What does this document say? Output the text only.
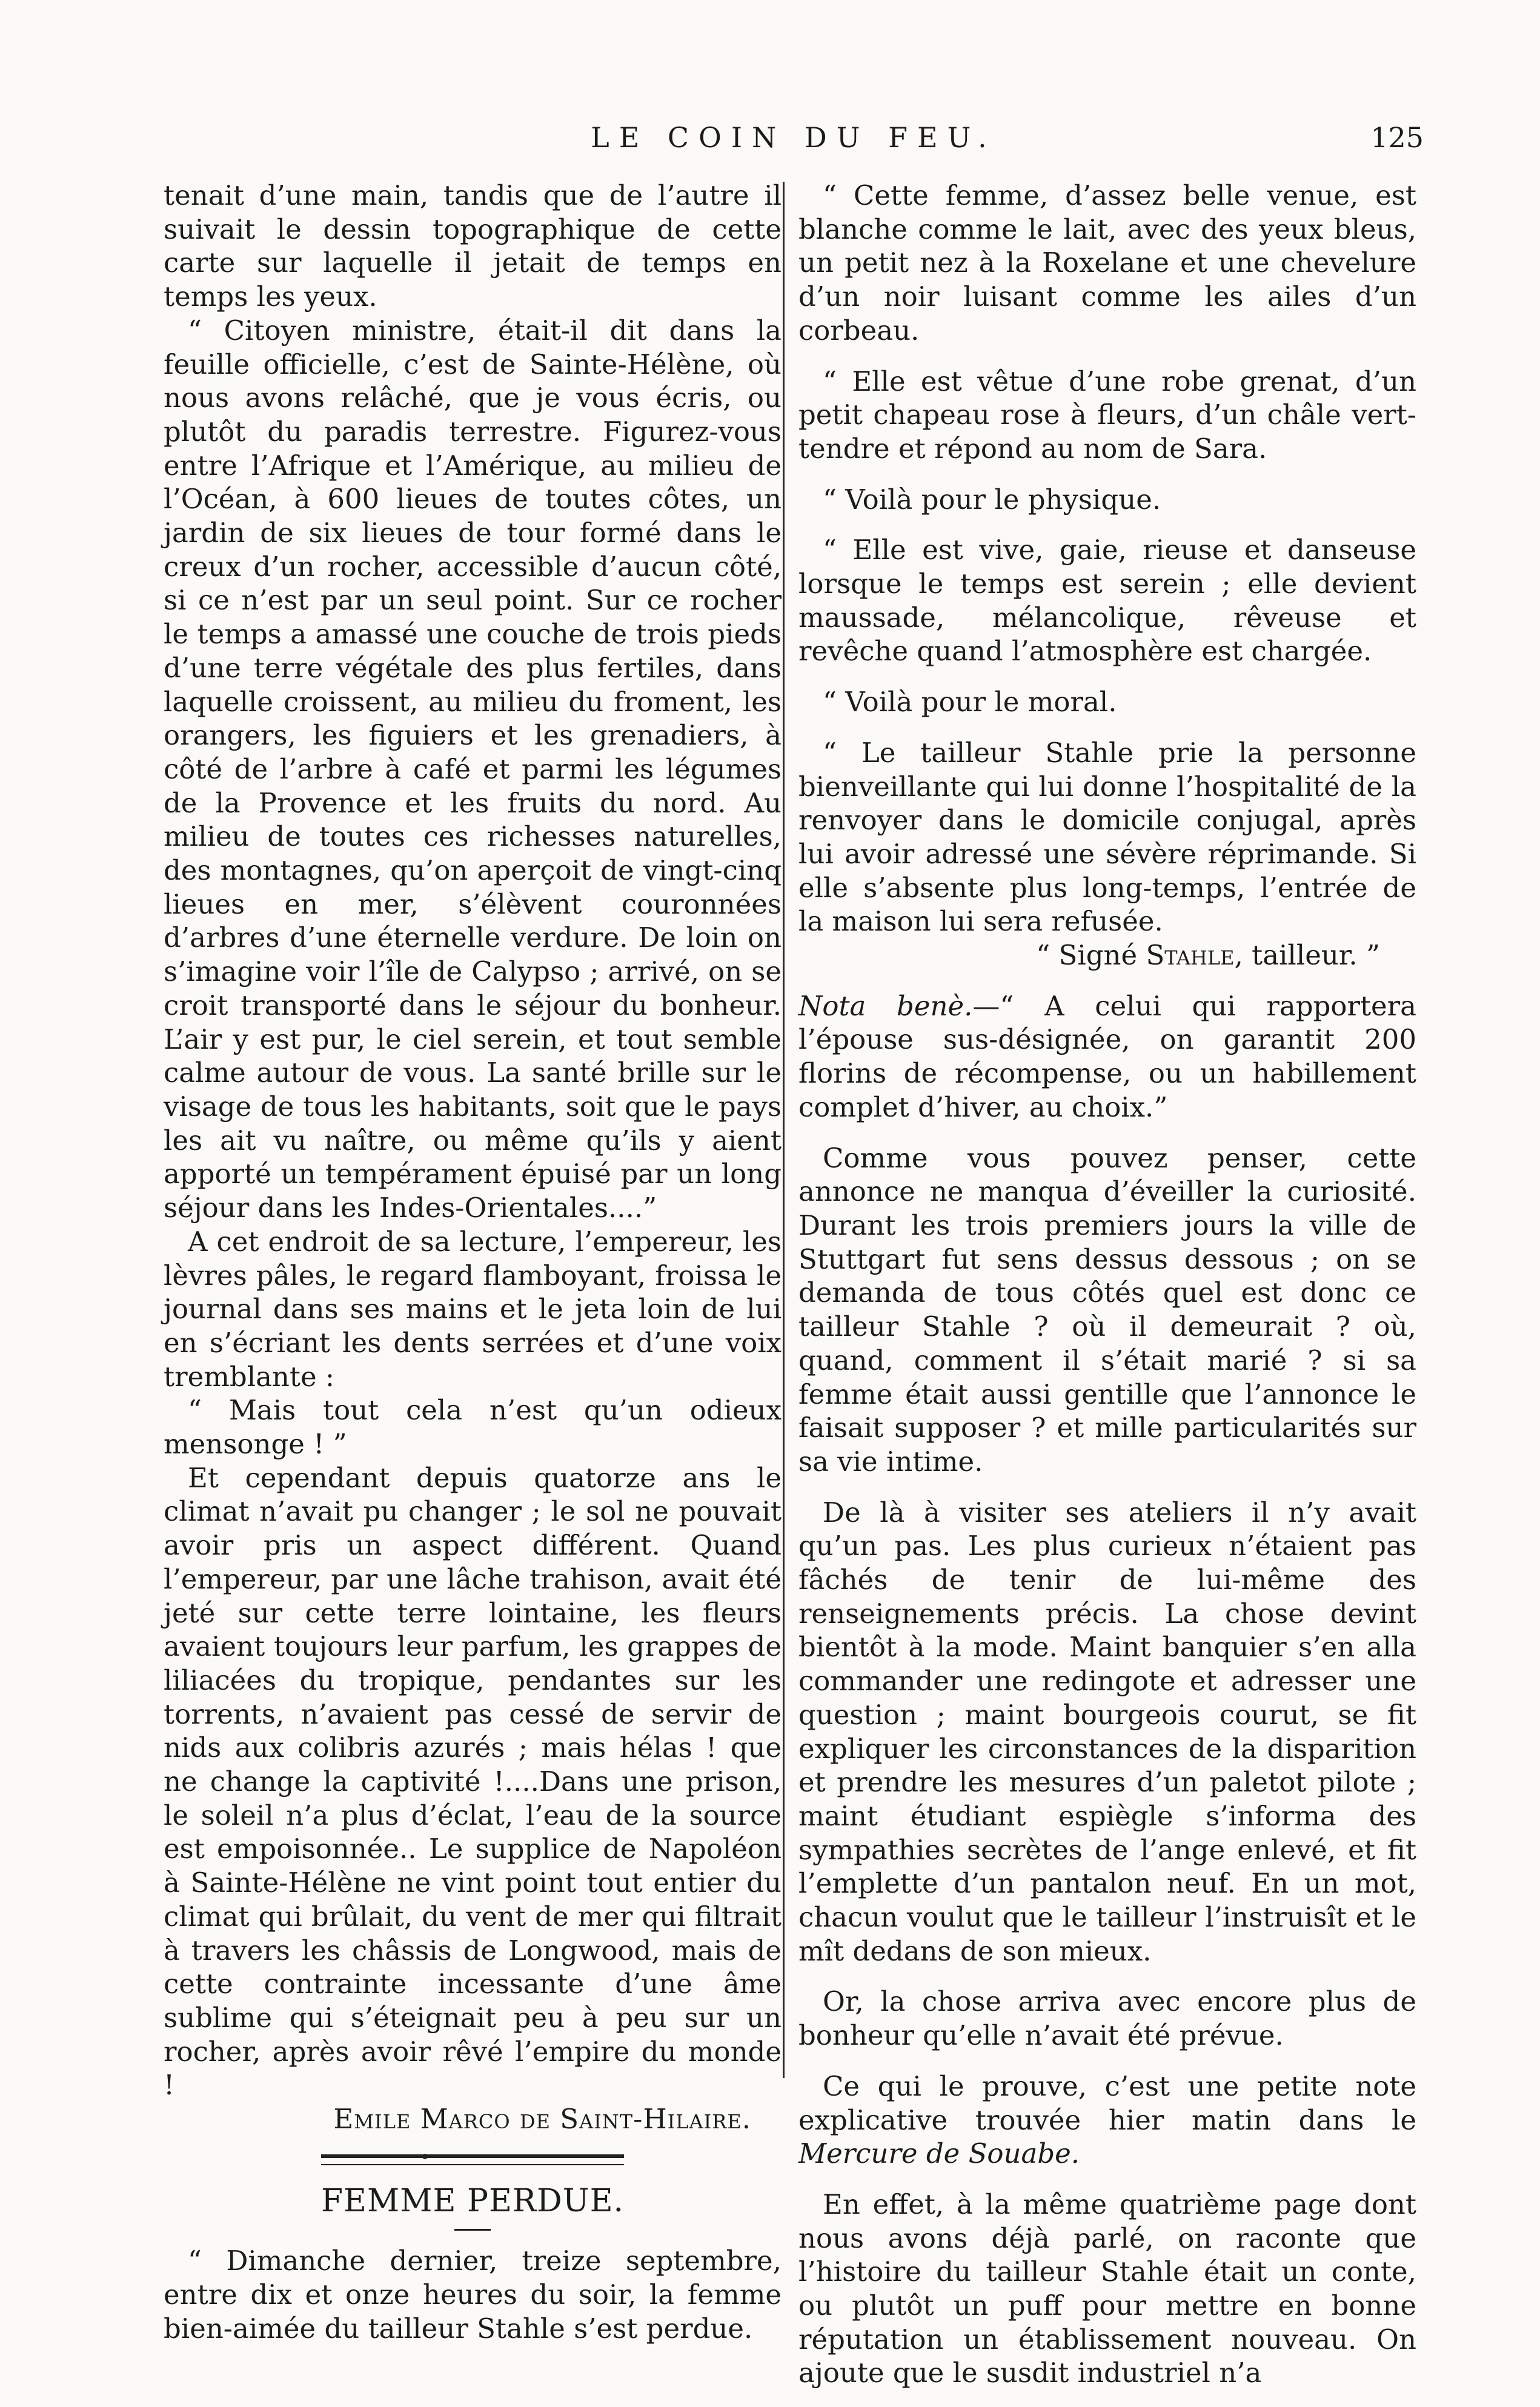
LE COIN DU FEU.	125

tenait d’une main, tandis que de l’autre il suivait le dessin topographique de cette carte sur laquelle il jetait de temps en temps les yeux.

“ Citoyen ministre, était-il dit dans la feuille officielle, c’est de Sainte-Hélène, où nous avons relâché, que je vous écris, ou plutôt du paradis terrestre. Figurez-vous entre l’Afrique et l’Amérique, au milieu de l’Océan, à 600 lieues de toutes côtes, un jardin de six lieues de tour formé dans le creux d’un rocher, accessible d’aucun côté, si ce n’est par un seul point. Sur ce rocher le temps a amassé une couche de trois pieds d’une terre végétale des plus fertiles, dans laquelle croissent, au milieu du froment, les orangers, les figuiers et les grenadiers, à côté de l’arbre à café et parmi les légumes de la Provence et les fruits du nord. Au milieu de toutes ces richesses naturelles, des montagnes, qu’on aperçoit de vingt-cinq lieues en mer, s’élèvent couronnées d’arbres d’une éternelle verdure. De loin on s’imagine voir l’île de Calypso ; arrivé, on se croit transporté dans le séjour du bonheur. L’air y est pur, le ciel serein, et tout semble calme autour de vous. La santé brille sur le visage de tous les habitants, soit que le pays les ait vu naître, ou même qu’ils y aient apporté un tempérament épuisé par un long séjour dans les Indes-Orientales....”

A cet endroit de sa lecture, l’empereur, les lèvres pâles, le regard flamboyant, froissa le journal dans ses mains et le jeta loin de lui en s’écriant les dents serrées et d’une voix tremblante :

“ Mais tout cela n’est qu’un odieux mensonge ! ”

Et cependant depuis quatorze ans le climat n’avait pu changer ; le sol ne pouvait avoir pris un aspect différent. Quand l’empereur, par une lâche trahison, avait été jeté sur cette terre lointaine, les fleurs avaient toujours leur parfum, les grappes de liliacées du tropique, pendantes sur les torrents, n’avaient pas cessé de servir de nids aux colibris azurés ; mais hélas ! que ne change la captivité !....Dans une prison, le soleil n’a plus d’éclat, l’eau de la source est empoisonnée.. Le supplice de Napoléon à Sainte-Hélène ne vint point tout entier du climat qui brûlait, du vent de mer qui filtrait à travers les châssis de Longwood, mais de cette contrainte incessante d’une âme sublime qui s’éteignait peu à peu sur un rocher, après avoir rêvé l’empire du monde !

Emile Marco de Saint-Hilaire.
FEMME PERDUE.

“ Dimanche dernier, treize septembre, entre dix et onze heures du soir, la femme bien-aimée du tailleur Stahle s’est perdue.

“ Cette femme, d’assez belle venue, est blanche comme le lait, avec des yeux bleus, un petit nez à la Roxelane et une chevelure d’un noir luisant comme les ailes d’un corbeau.

“ Elle est vêtue d’une robe grenat, d’un petit chapeau rose à fleurs, d’un châle vert-tendre et répond au nom de Sara.

“ Voilà pour le physique.

“ Elle est vive, gaie, rieuse et danseuse lorsque le temps est serein ; elle devient maussade, mélancolique, rêveuse et revêche quand l’atmosphère est chargée.

“ Voilà pour le moral.

“ Le tailleur Stahle prie la personne bienveillante qui lui donne l’hospitalité de la renvoyer dans le domicile conjugal, après lui avoir adressé une sévère réprimande. Si elle s’absente plus long-temps, l’entrée de la maison lui sera refusée.

“ Signé Stahle, tailleur. ”

Nota benè.—“ A celui qui rapportera l’épouse sus-désignée, on garantit 200 florins de récompense, ou un habillement complet d’hiver, au choix.”

Comme vous pouvez penser, cette annonce ne manqua d’éveiller la curiosité. Durant les trois premiers jours la ville de Stuttgart fut sens dessus dessous ; on se demanda de tous côtés quel est donc ce tailleur Stahle ? où il demeurait ? où, quand, comment il s’était marié ? si sa femme était aussi gentille que l’annonce le faisait supposer ? et mille particularités sur sa vie intime.

De là à visiter ses ateliers il n’y avait qu’un pas. Les plus curieux n’étaient pas fâchés de tenir de lui-même des renseignements précis. La chose devint bientôt à la mode. Maint banquier s’en alla commander une redingote et adresser une question ; maint bourgeois courut, se fit expliquer les circonstances de la disparition et prendre les mesures d’un paletot pilote ; maint étudiant espiègle s’informa des sympathies secrètes de l’ange enlevé, et fit l’emplette d’un pantalon neuf. En un mot, chacun voulut que le tailleur l’instruisît et le mît dedans de son mieux.

Or, la chose arriva avec encore plus de bonheur qu’elle n’avait été prévue.

Ce qui le prouve, c’est une petite note explicative trouvée hier matin dans le Mercure de Souabe.

En effet, à la même quatrième page dont nous avons déjà parlé, on raconte que l’histoire du tailleur Stahle était un conte, ou plutôt un puff pour mettre en bonne réputation un établissement nouveau. On ajoute que le susdit industriel n’a
